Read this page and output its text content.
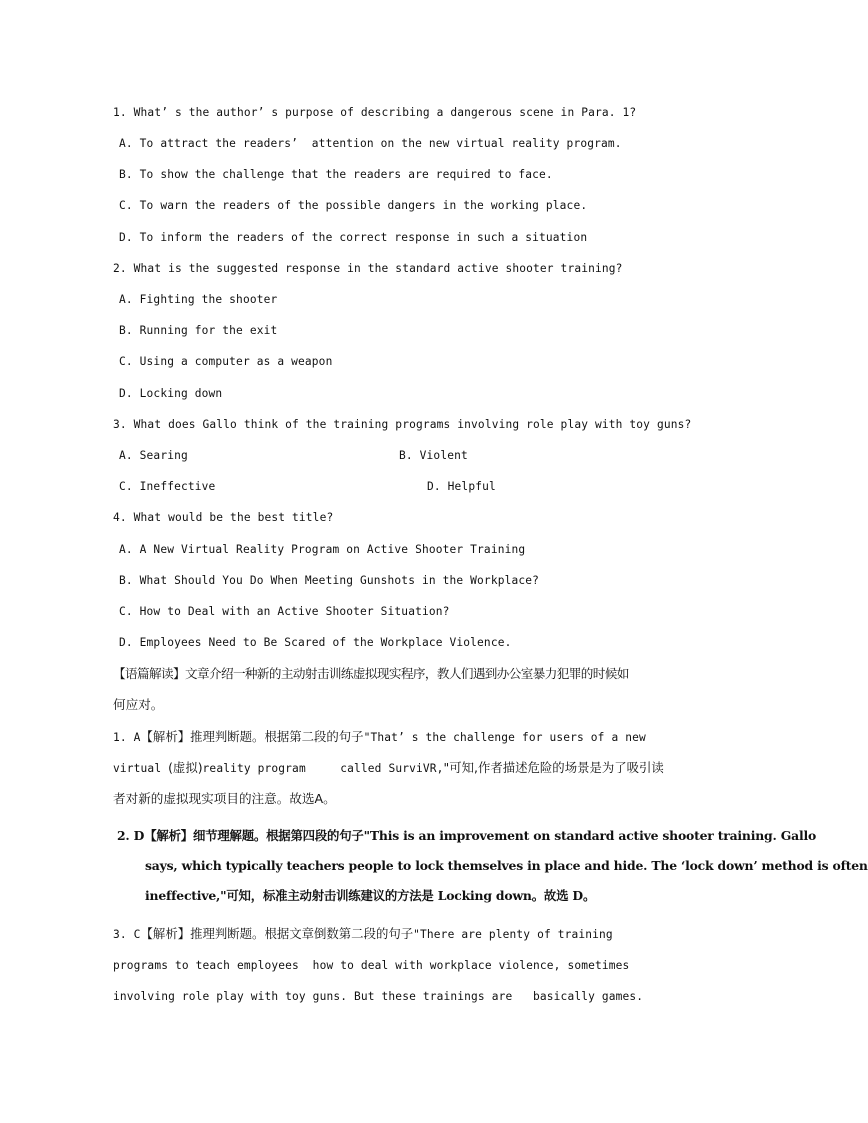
1. What’ s the author’ s purpose of describing a dangerous scene in Para. 1?
A. To attract the readers’  attention on the new virtual reality program.
B. To show the challenge that the readers are required to face.
C. To warn the readers of the possible dangers in the working place.
D. To inform the readers of the correct response in such a situation
2. What is the suggested response in the standard active shooter training?
A. Fighting the shooter
B. Running for the exit
C. Using a computer as a weapon
D. Locking down
3. What does Gallo think of the training programs involving role play with toy guns?
A. Searing	B. Violent
C. Ineffective	D. Helpful
4. What would be the best title?
A. A New Virtual Reality Program on Active Shooter Training
B. What Should You Do When Meeting Gunshots in the Workplace?
C. How to Deal with an Active Shooter Situation?
D. Employees Need to Be Scared of the Workplace Violence.
【语篇解读】文章介绍一种新的主动射击训练虚拟现实程序，教人们遇到办公室暴力犯罪的时候如
何应对。
1. A【解析】推理判断题。根据第二段的句子"That’ s the challenge for users of a new
virtual (虚拟)reality program     called SurviVR,"可知,作者描述危险的场景是为了吸引读
者对新的虚拟现实项目的注意。故选A。
2. D【解析】细节理解题。根据第四段的句子"This is an improvement on standard active shooter training. Gallo
says, which typically teachers people to lock themselves in place and hide. The ‘lock down’ method is often
ineffective,"可知，标准主动射击训练建议的方法是 Locking down。故选 D。
3. C【解析】推理判断题。根据文章倒数第二段的句子"There are plenty of training
programs to teach employees  how to deal with workplace violence, sometimes
involving role play with toy guns. But these trainings are   basically games.
